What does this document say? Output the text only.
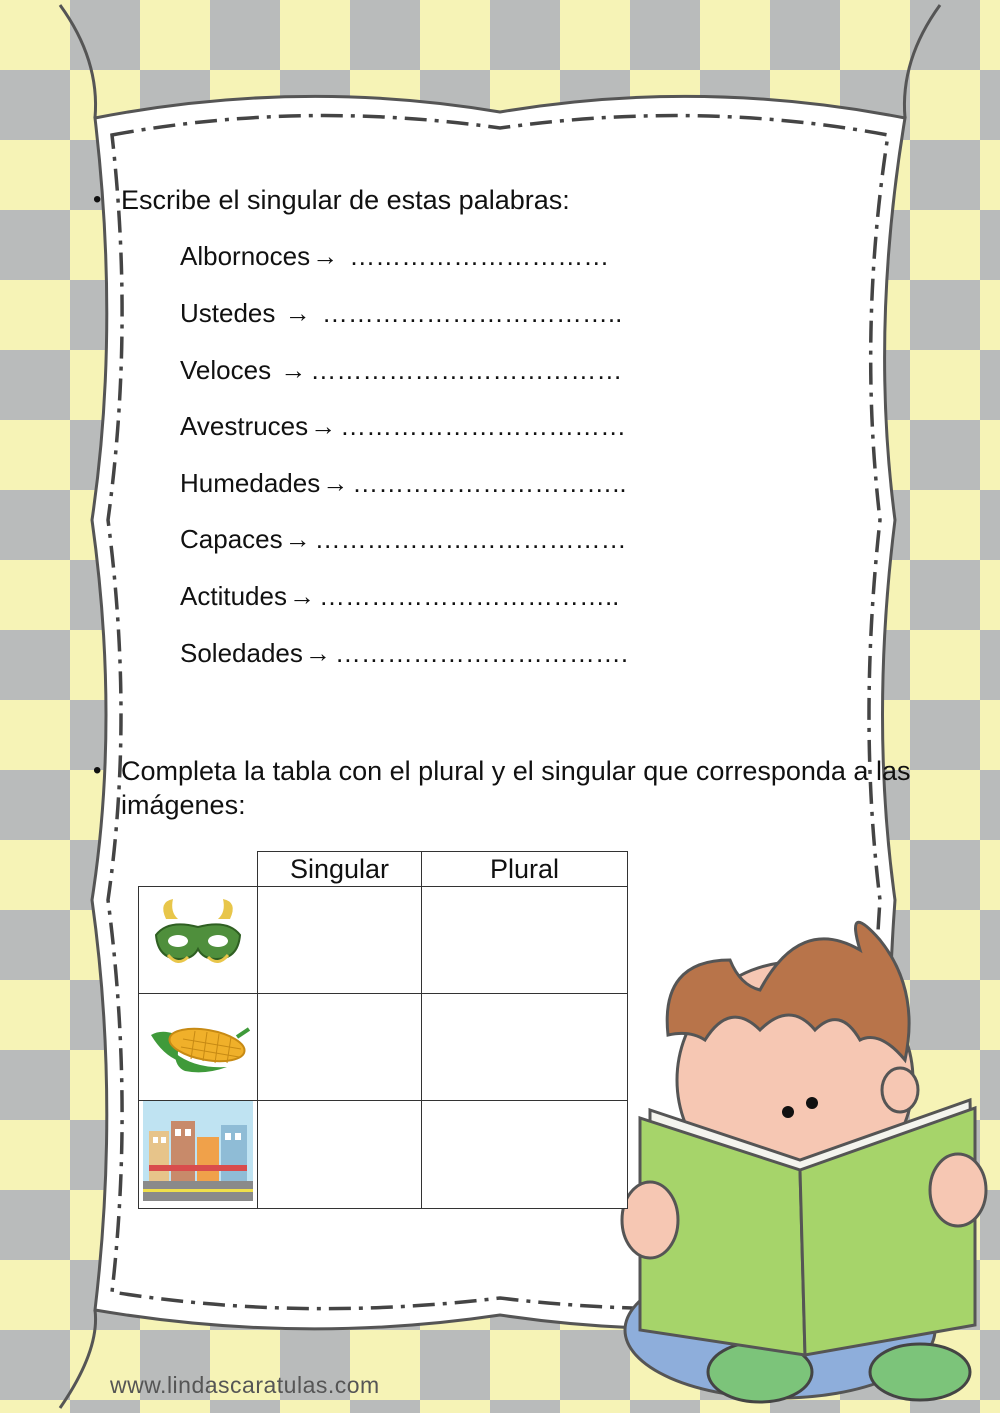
• Escribe el singular de estas palabras:
Albornoces→ …………………………
Ustedes → ……………………………..
Veloces → ………………………………
Avestruces→ ……………………………
Humedades→ …………………………..
Capaces→ ………………………………
Actitudes→ ……………………………..
Soledades→ …………………………….
• Completa la tabla con el plural y el singular que corresponda a las imágenes:
	Singular	Plural

www.lindascaratulas.com
